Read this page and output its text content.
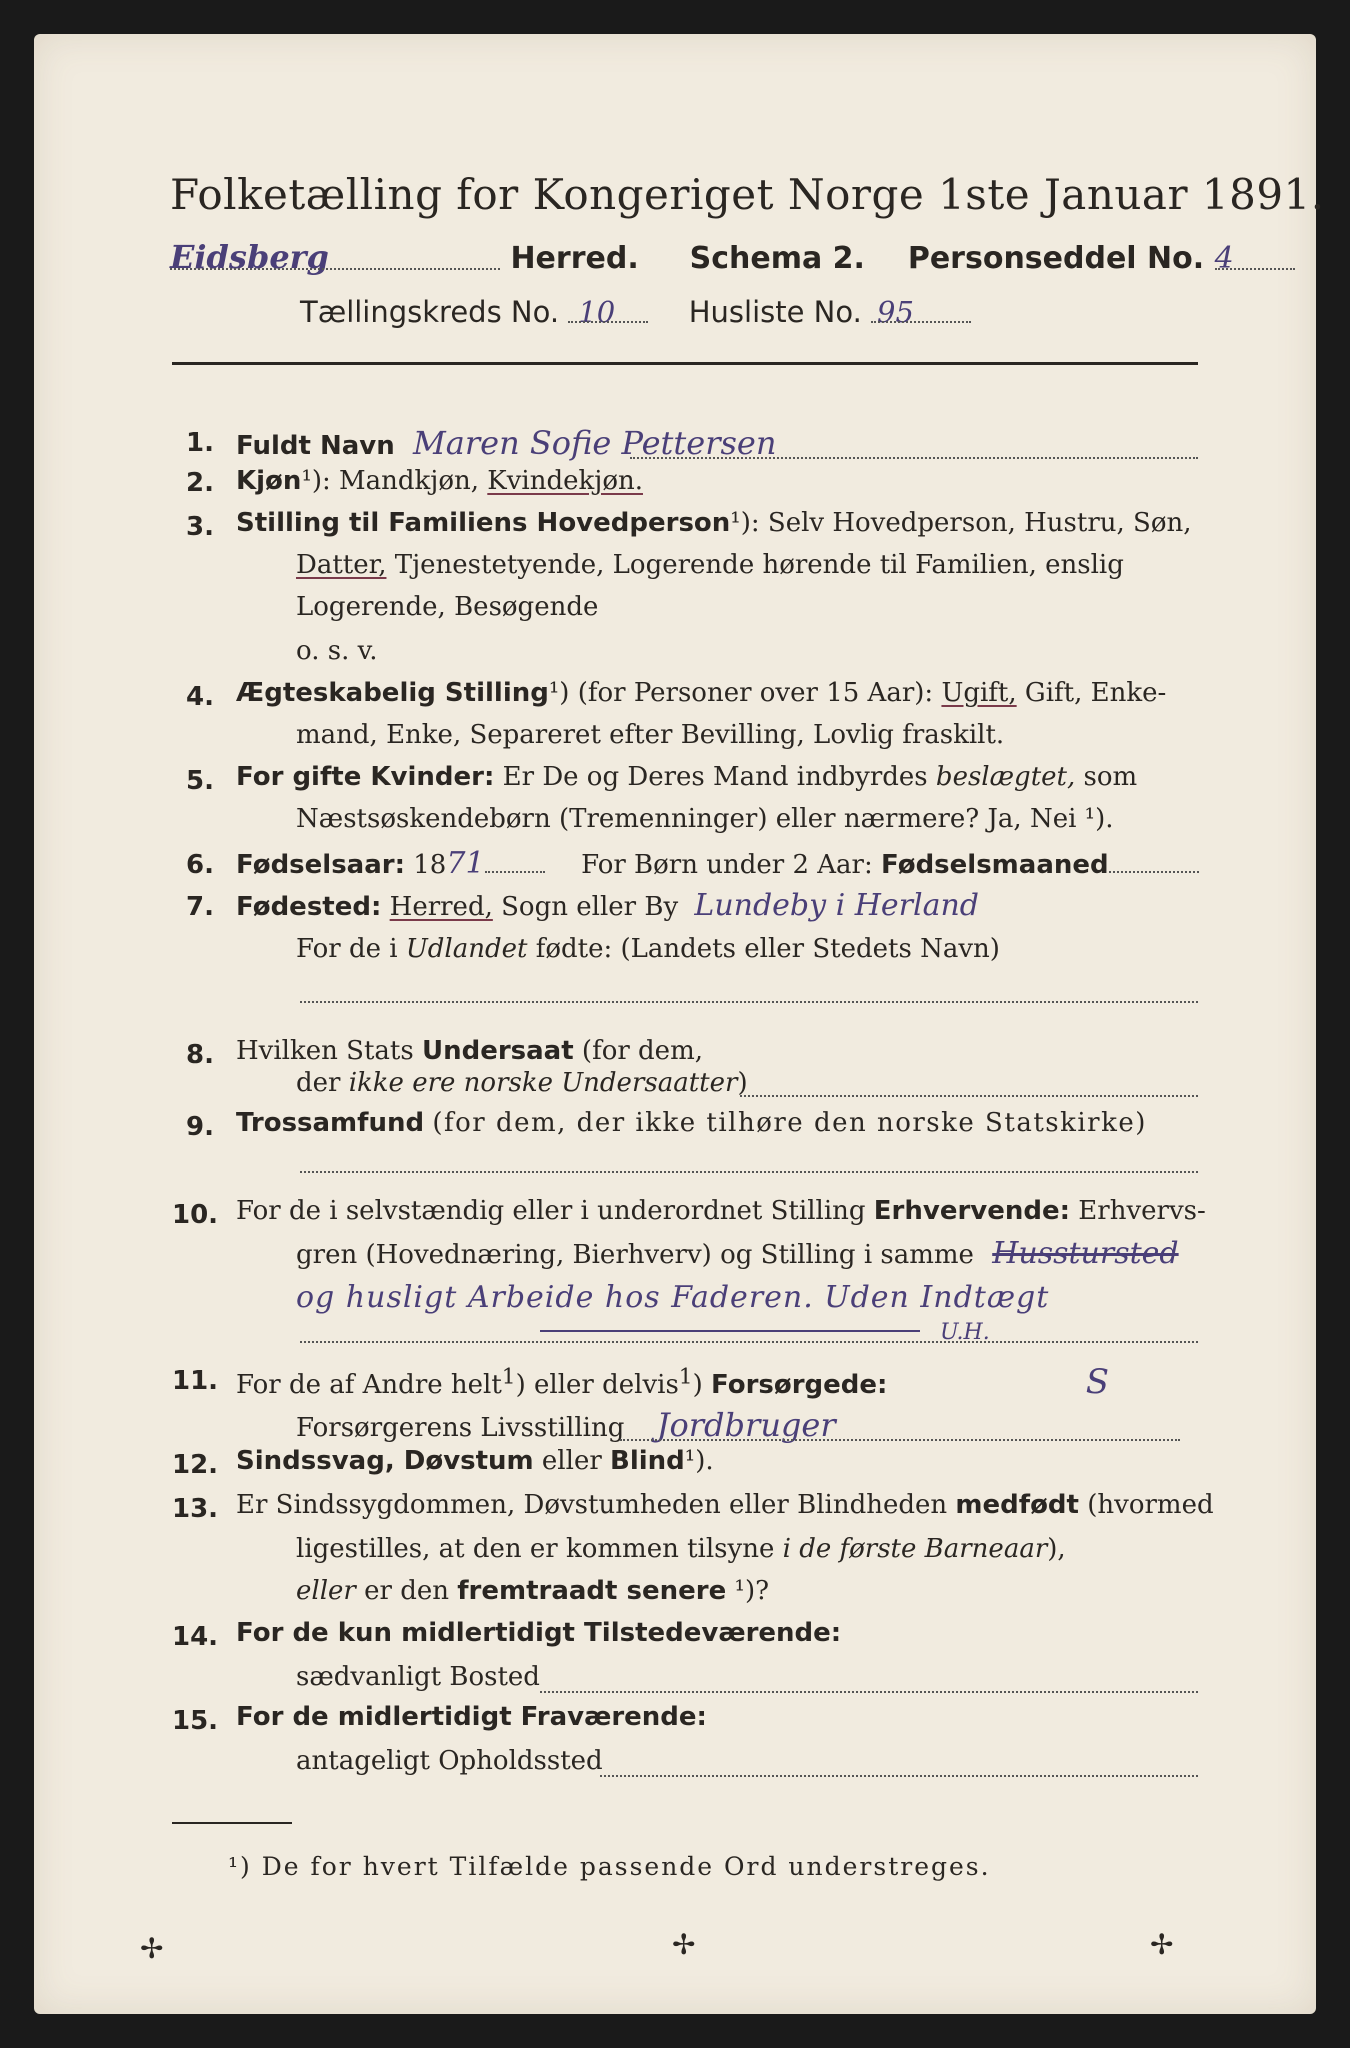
Folketælling for Kongeriget Norge 1ste Januar 1891.
Eidsberg	Herred. Schema 2. Personseddel No. 4
Tællingskreds No. 10	Husliste No. 95
1. Fuldt Navn Maren Sofie Pettersen
2. Kjøn¹): Mandkjøn, Kvindekjøn.
3. Stilling til Familiens Hovedperson¹): Selv Hovedperson, Hustru, Søn,
Datter, Tjenestetyende, Logerende hørende til Familien, enslig
Logerende, Besøgende
o. s. v.
4. Ægteskabelig Stilling¹) (for Personer over 15 Aar): Ugift, Gift, Enke-
mand, Enke, Separeret efter Bevilling, Lovlig fraskilt.
5. For gifte Kvinder: Er De og Deres Mand indbyrdes beslægtet, som
Næstsøskendebørn (Tremenninger) eller nærmere? Ja, Nei ¹).
6. Fødselsaar: 1871	For Børn under 2 Aar: Fødselsmaaned
7. Fødested: Herred, Sogn eller By Lundeby i Herland
For de i Udlandet fødte: (Landets eller Stedets Navn)
8. Hvilken Stats Undersaat (for dem,
der ikke ere norske Undersaatter)
9. Trossamfund (for dem, der ikke tilhøre den norske Statskirke)
10. For de i selvstændig eller i underordnet Stilling Erhvervende: Erhvervs-
gren (Hovednæring, Bierhverv) og Stilling i samme Husstursted
og husligt Arbeide hos Faderen. Uden Indtægt
U.H.
11. For de af Andre helt$^1$) eller delvis$^1$) Forsørgede:	S
Forsørgerens Livsstilling Jordbruger
12. Sindssvag, Døvstum eller Blind¹).
13. Er Sindssygdommen, Døvstumheden eller Blindheden medfødt (hvormed
ligestilles, at den er kommen tilsyne i de første Barneaar),
eller er den fremtraadt senere ¹)?
14. For de kun midlertidigt Tilstedeværende:
sædvanligt Bosted
15. For de midlertidigt Fraværende:
antageligt Opholdssted
¹) De for hvert Tilfælde passende Ord understreges.
✢	✢	✢
